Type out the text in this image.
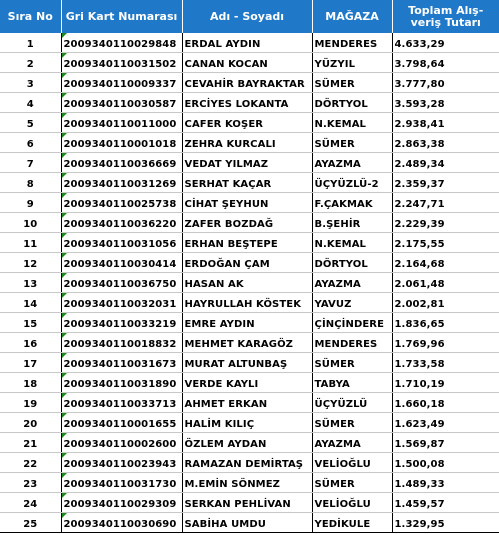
Sıra No	Gri Kart Numarası	Adı - Soyadı	MAĞAZA	Toplam Alış-
veriş Tutarı
1	2009340110029848	ERDAL AYDIN	MENDERES	4.633,29
2	2009340110031502	CANAN KOCAN	YÜZYIL	3.798,64
3	2009340110009337	CEVAHİR BAYRAKTAR	SÜMER	3.777,80
4	2009340110030587	ERCİYES LOKANTA	DÖRTYOL	3.593,28
5	2009340110011000	CAFER KOŞER	N.KEMAL	2.938,41
6	2009340110001018	ZEHRA KURCALI	SÜMER	2.863,38
7	2009340110036669	VEDAT YILMAZ	AYAZMA	2.489,34
8	2009340110031269	SERHAT KAÇAR	ÜÇYÜZLÜ-2	2.359,37
9	2009340110025738	CİHAT ŞEYHUN	F.ÇAKMAK	2.247,71
10	2009340110036220	ZAFER BOZDAĞ	B.ŞEHİR	2.229,39
11	2009340110031056	ERHAN BEŞTEPE	N.KEMAL	2.175,55
12	2009340110030414	ERDOĞAN ÇAM	DÖRTYOL	2.164,68
13	2009340110036750	HASAN AK	AYAZMA	2.061,48
14	2009340110032031	HAYRULLAH KÖSTEK	YAVUZ	2.002,81
15	2009340110033219	EMRE AYDIN	ÇİNÇİNDERE	1.836,65
16	2009340110018832	MEHMET KARAGÖZ	MENDERES	1.769,96
17	2009340110031673	MURAT ALTUNBAŞ	SÜMER	1.733,58
18	2009340110031890	VERDE KAYLI	TABYA	1.710,19
19	2009340110033713	AHMET ERKAN	ÜÇYÜZLÜ	1.660,18
20	2009340110001655	HALİM KILIÇ	SÜMER	1.623,49
21	2009340110002600	ÖZLEM AYDAN	AYAZMA	1.569,87
22	2009340110023943	RAMAZAN DEMİRTAŞ	VELİOĞLU	1.500,08
23	2009340110031730	M.EMİN SÖNMEZ	SÜMER	1.489,33
24	2009340110029309	SERKAN PEHLİVAN	VELİOĞLU	1.459,57
25	2009340110030690	SABİHA UMDU	YEDİKULE	1.329,95
